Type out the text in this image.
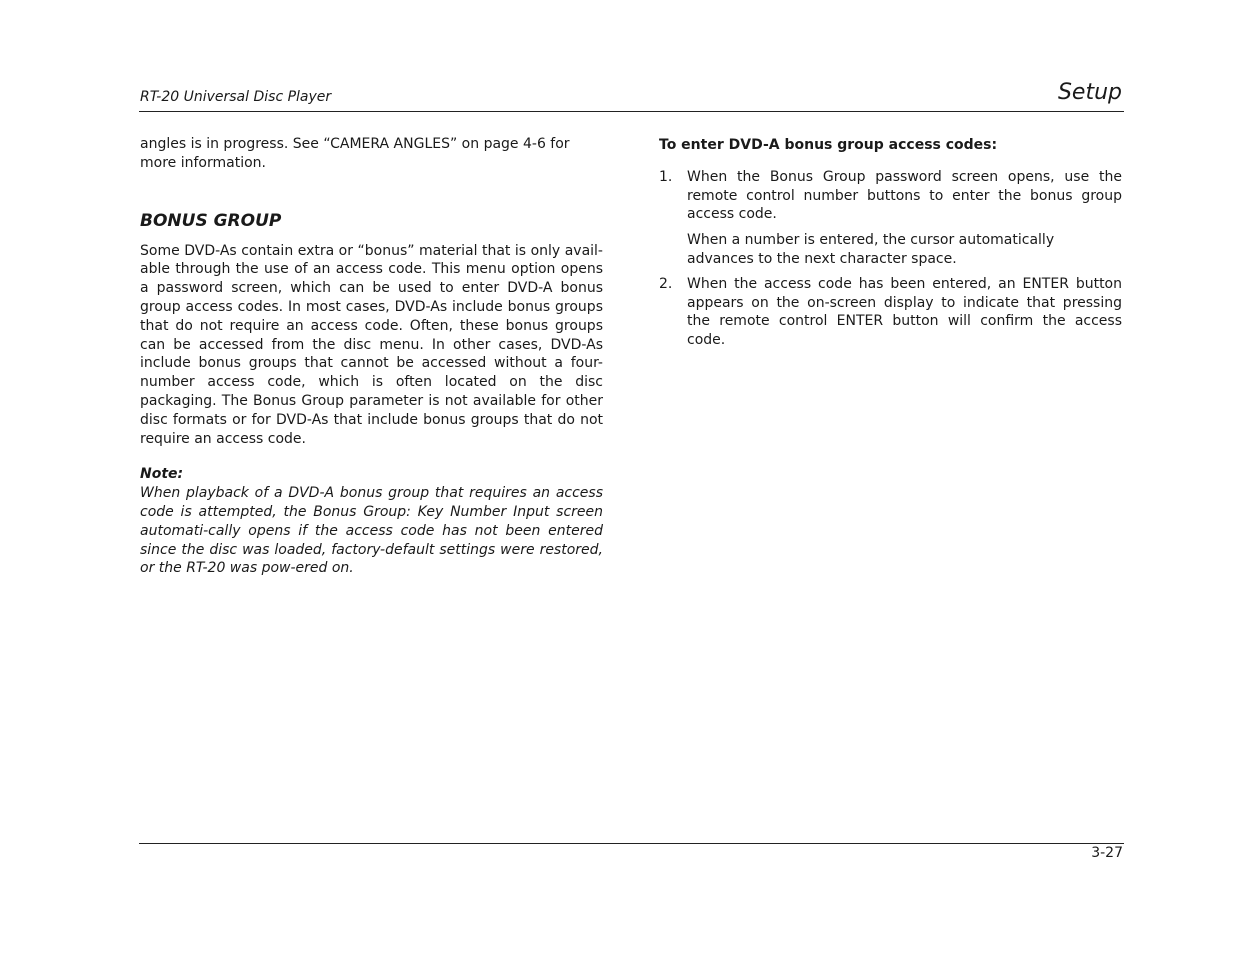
RT-20 Universal Disc Player	Setup

angles is in progress. See “CAMERA ANGLES” on page 4-6 for more information.

BONUS GROUP

Some DVD-As contain extra or “bonus” material that is only avail-able through the use of an access code. This menu option opens a password screen, which can be used to enter DVD-A bonus group access codes. In most cases, DVD-As include bonus groups that do not require an access code. Often, these bonus groups can be accessed from the disc menu. In other cases, DVD-As include bonus groups that cannot be accessed without a four-number access code, which is often located on the disc packaging. The Bonus Group parameter is not available for other disc formats or for DVD-As that include bonus groups that do not require an access code.

Note:

When playback of a DVD-A bonus group that requires an access code is attempted, the Bonus Group: Key Number Input screen automati-cally opens if the access code has not been entered since the disc was loaded, factory-default settings were restored, or the RT-20 was pow-ered on.

To enter DVD-A bonus group access codes:

1. When the Bonus Group password screen opens, use the remote control number buttons to enter the bonus group access code.

When a number is entered, the cursor automatically advances to the next character space.

2. When the access code has been entered, an ENTER button appears on the on-screen display to indicate that pressing the remote control ENTER button will confirm the access code.

3-27
